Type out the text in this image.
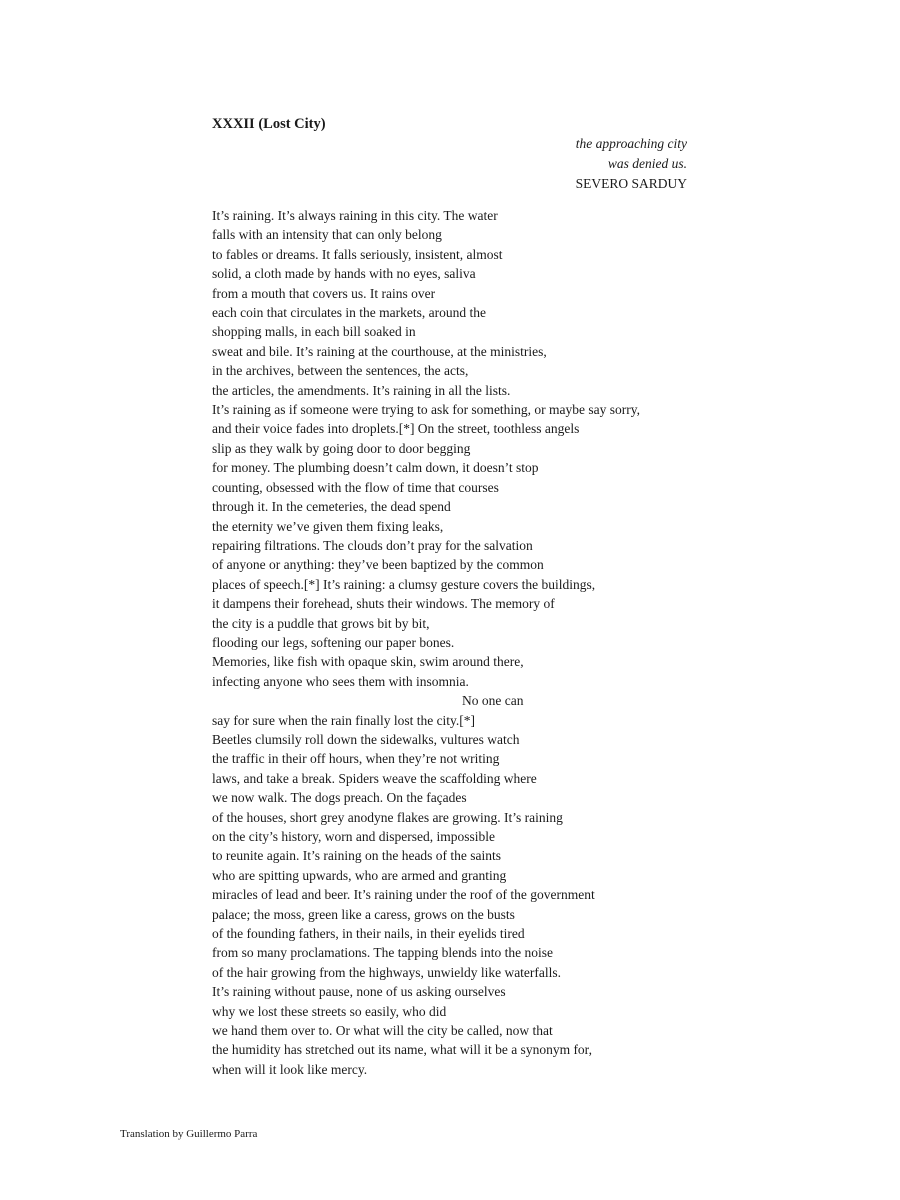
XXXII (Lost City)
the approaching city
was denied us.
SEVERO SARDUY
It’s raining. It’s always raining in this city. The water
falls with an intensity that can only belong
to fables or dreams. It falls seriously, insistent, almost
solid, a cloth made by hands with no eyes, saliva
from a mouth that covers us. It rains over
each coin that circulates in the markets, around the
shopping malls, in each bill soaked in
sweat and bile. It’s raining at the courthouse, at the ministries,
in the archives, between the sentences, the acts,
the articles, the amendments. It’s raining in all the lists.
It’s raining as if someone were trying to ask for something, or maybe say sorry,
and their voice fades into droplets.[*] On the street, toothless angels
slip as they walk by going door to door begging
for money. The plumbing doesn’t calm down, it doesn’t stop
counting, obsessed with the flow of time that courses
through it. In the cemeteries, the dead spend
the eternity we’ve given them fixing leaks,
repairing filtrations. The clouds don’t pray for the salvation
of anyone or anything: they’ve been baptized by the common
places of speech.[*] It’s raining: a clumsy gesture covers the buildings,
it dampens their forehead, shuts their windows. The memory of
the city is a puddle that grows bit by bit,
flooding our legs, softening our paper bones.
Memories, like fish with opaque skin, swim around there,
infecting anyone who sees them with insomnia.
No one can
say for sure when the rain finally lost the city.[*]
Beetles clumsily roll down the sidewalks, vultures watch
the traffic in their off hours, when they’re not writing
laws, and take a break. Spiders weave the scaffolding where
we now walk. The dogs preach. On the façades
of the houses, short grey anodyne flakes are growing. It’s raining
on the city’s history, worn and dispersed, impossible
to reunite again. It’s raining on the heads of the saints
who are spitting upwards, who are armed and granting
miracles of lead and beer. It’s raining under the roof of the government
palace; the moss, green like a caress, grows on the busts
of the founding fathers, in their nails, in their eyelids tired
from so many proclamations. The tapping blends into the noise
of the hair growing from the highways, unwieldy like waterfalls.
It’s raining without pause, none of us asking ourselves
why we lost these streets so easily, who did
we hand them over to. Or what will the city be called, now that
the humidity has stretched out its name, what will it be a synonym for,
when will it look like mercy.
Translation by Guillermo Parra
